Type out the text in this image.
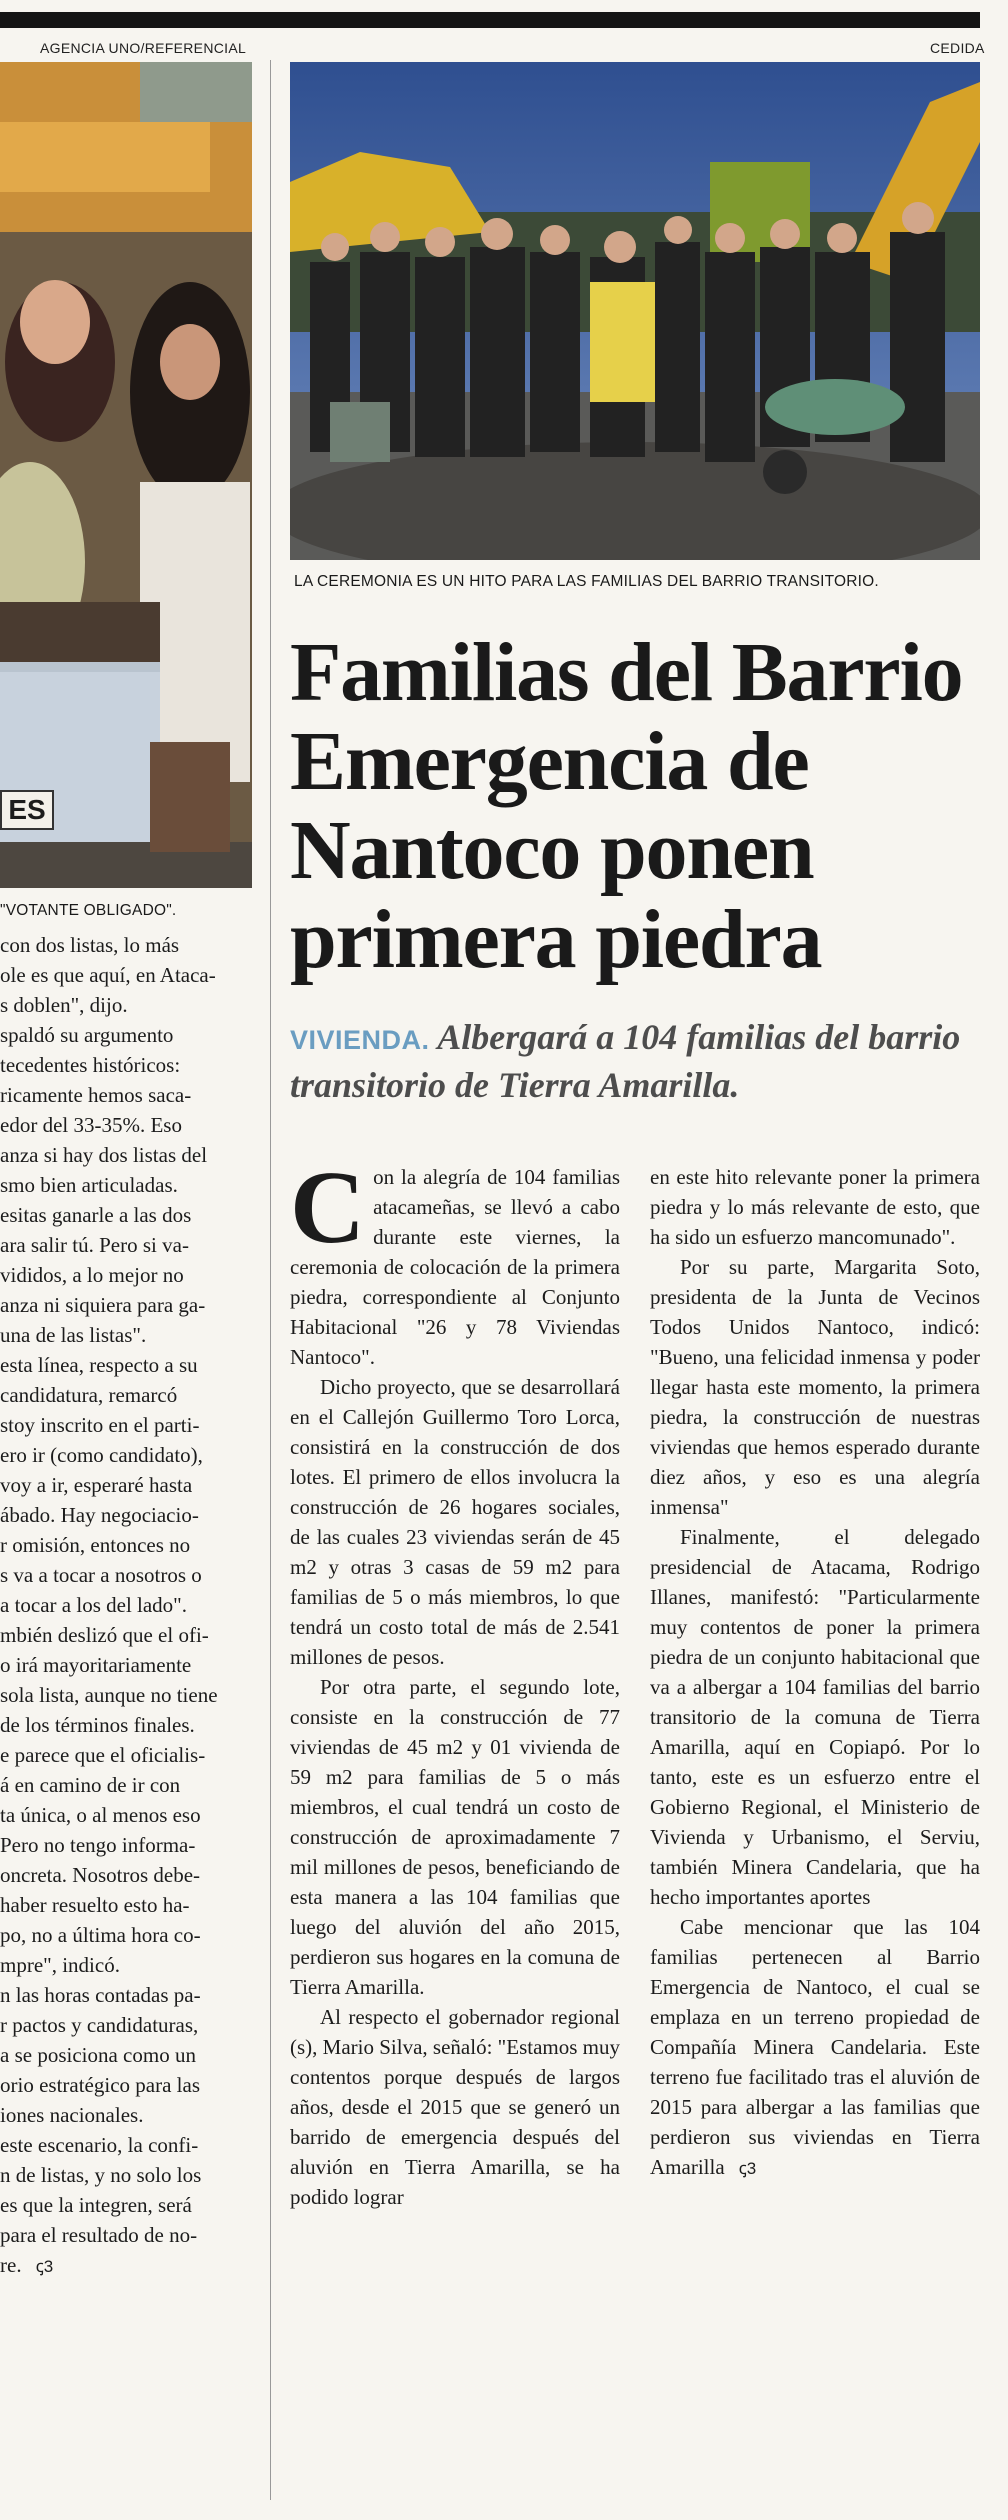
AGENCIA UNO/REFERENCIAL	CEDIDA
ES
"VOTANTE OBLIGADO".

con dos listas, lo más

ole es que aquí, en Ataca-

s doblen", dijo.

spaldó su argumento

tecedentes históricos:

ricamente hemos saca-

edor del 33-35%. Eso

anza si hay dos listas del

smo bien articuladas.

esitas ganarle a las dos

ara salir tú. Pero si va-

vididos, a lo mejor no

anza ni siquiera para ga-

una de las listas".

esta línea, respecto a su

candidatura, remarcó

stoy inscrito en el parti-

ero ir (como candidato),

voy a ir, esperaré hasta

ábado. Hay negociacio-

r omisión, entonces no

s va a tocar a nosotros o

a tocar a los del lado".

mbién deslizó que el ofi-

o irá mayoritariamente

sola lista, aunque no tiene

de los términos finales.

e parece que el oficialis-

á en camino de ir con

ta única, o al menos eso

Pero no tengo informa-

oncreta. Nosotros debe-

haber resuelto esto ha-

po, no a última hora co-

mpre", indicó.

n las horas contadas pa-

r pactos y candidaturas,

a se posiciona como un

orio estratégico para las

iones nacionales.

este escenario, la confi-

n de listas, y no solo los

es que la integren, será

para el resultado de no-

re. ꞔ3

LA CEREMONIA ES UN HITO PARA LAS FAMILIAS DEL BARRIO TRANSITORIO.
Familias del Barrio
Emergencia de
Nantoco ponen
primera piedra
VIVIENDA. Albergará a 104 familias del barrio transitorio de Tierra Amarilla.

Con la alegría de 104 familias atacameñas, se llevó a cabo durante este viernes, la ceremonia de colocación de la primera piedra, correspondiente al Conjunto Habitacional "26 y 78 Viviendas Nantoco".

Dicho proyecto, que se desarrollará en el Callejón Guillermo Toro Lorca, consistirá en la construcción de dos lotes. El primero de ellos involucra la construcción de 26 hogares sociales, de las cuales 23 viviendas serán de 45 m2 y otras 3 casas de 59 m2 para familias de 5 o más miembros, lo que tendrá un costo total de más de 2.541 millones de pesos.

Por otra parte, el segundo lote, consiste en la construcción de 77 viviendas de 45 m2 y 01 vivienda de 59 m2 para familias de 5 o más miembros, el cual tendrá un costo de construcción de aproximadamente 7 mil millones de pesos, beneficiando de esta manera a las 104 familias que luego del aluvión del año 2015, perdieron sus hogares en la comuna de Tierra Amarilla.

Al respecto el gobernador regional (s), Mario Silva, señaló: "Estamos muy contentos porque después de largos años, desde el 2015 que se generó un barrido de emergencia después del aluvión en Tierra Amarilla, se ha podido lograr

en este hito relevante poner la primera piedra y lo más relevante de esto, que ha sido un esfuerzo mancomunado".

Por su parte, Margarita Soto, presidenta de la Junta de Vecinos Todos Unidos Nantoco, indicó: "Bueno, una felicidad inmensa y poder llegar hasta este momento, la primera piedra, la construcción de nuestras viviendas que hemos esperado durante diez años, y eso es una alegría inmensa"

Finalmente, el delegado presidencial de Atacama, Rodrigo Illanes, manifestó: "Particularmente muy contentos de poner la primera piedra de un conjunto habitacional que va a albergar a 104 familias del barrio transitorio de la comuna de Tierra Amarilla, aquí en Copiapó. Por lo tanto, este es un esfuerzo entre el Gobierno Regional, el Ministerio de Vivienda y Urbanismo, el Serviu, también Minera Candelaria, que ha hecho importantes aportes

Cabe mencionar que las 104 familias pertenecen al Barrio Emergencia de Nantoco, el cual se emplaza en un terreno propiedad de Compañía Minera Candelaria. Este terreno fue facilitado tras el aluvión de 2015 para albergar a las familias que perdieron sus viviendas en Tierra Amarilla ꞔ3
